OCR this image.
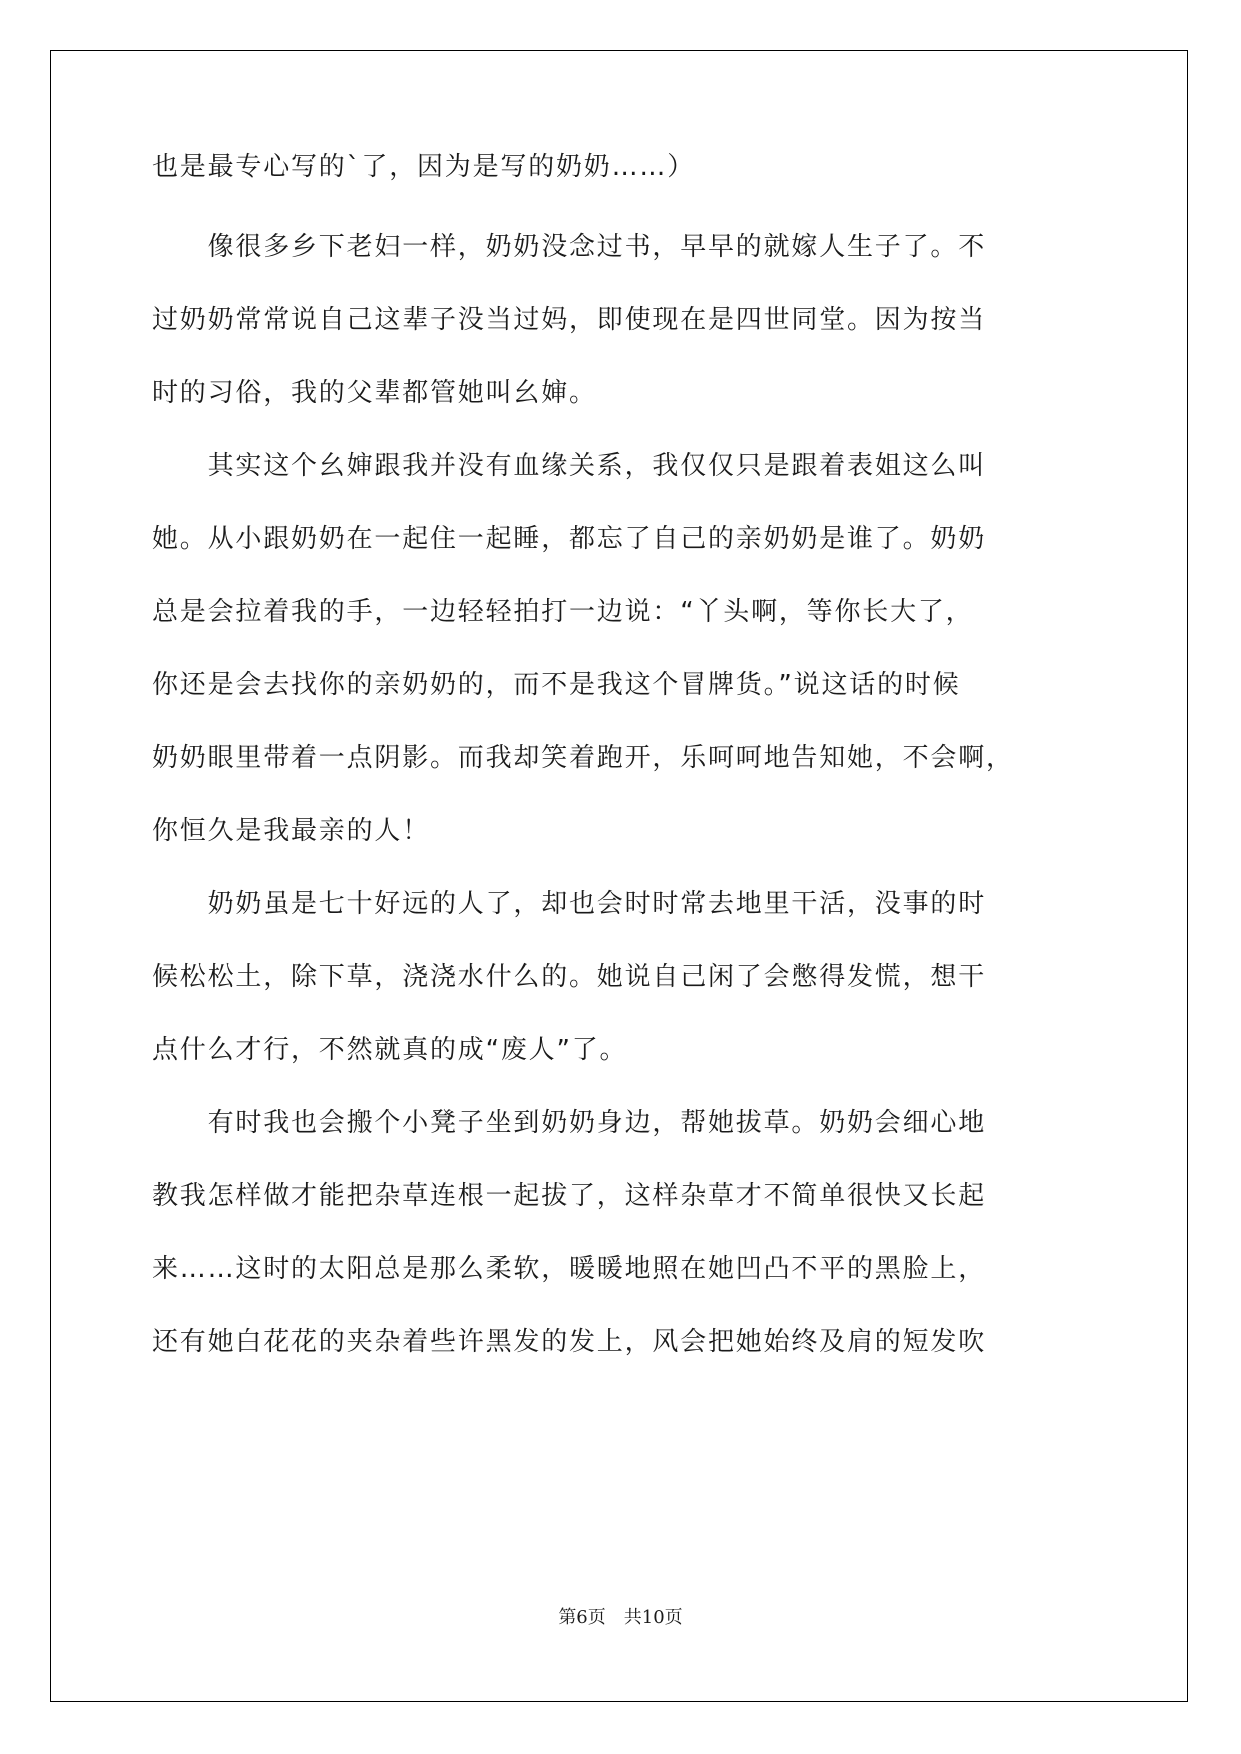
也是最专心写的`了，因为是写的奶奶……）
　　像很多乡下老妇一样，奶奶没念过书，早早的就嫁人生子了。不
过奶奶常常说自己这辈子没当过妈，即使现在是四世同堂。因为按当
时的习俗，我的父辈都管她叫幺婶。
　　其实这个幺婶跟我并没有血缘关系，我仅仅只是跟着表姐这么叫
她。从小跟奶奶在一起住一起睡，都忘了自己的亲奶奶是谁了。奶奶
总是会拉着我的手，一边轻轻拍打一边说：“丫头啊，等你长大了，
你还是会去找你的亲奶奶的，而不是我这个冒牌货。”说这话的时候
奶奶眼里带着一点阴影。而我却笑着跑开，乐呵呵地告知她，不会啊，
你恒久是我最亲的人！
　　奶奶虽是七十好远的人了，却也会时时常去地里干活，没事的时
候松松土，除下草，浇浇水什么的。她说自己闲了会憋得发慌，想干
点什么才行，不然就真的成“废人”了。
　　有时我也会搬个小凳子坐到奶奶身边，帮她拔草。奶奶会细心地
教我怎样做才能把杂草连根一起拔了，这样杂草才不简单很快又长起
来……这时的太阳总是那么柔软，暖暖地照在她凹凸不平的黑脸上，
还有她白花花的夹杂着些许黑发的发上，风会把她始终及肩的短发吹
第6页　共10页
